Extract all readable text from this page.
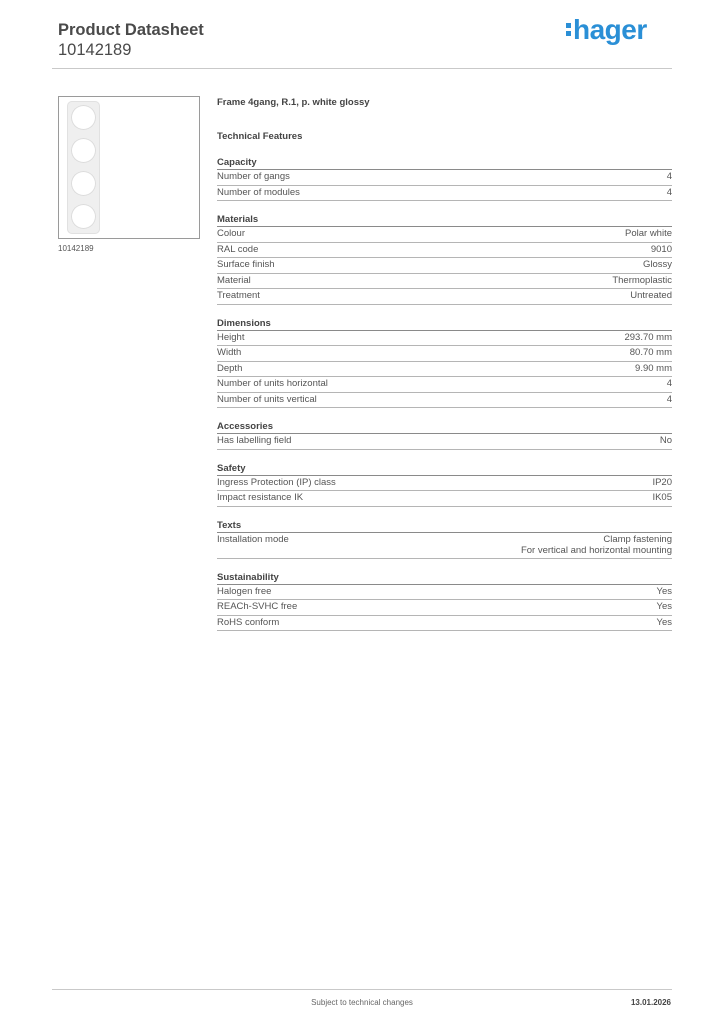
Product Datasheet
10142189
hager
10142189
Frame 4gang, R.1, p. white glossy
Technical Features
Capacity
Number of gangs	4
Number of modules	4
Materials
Colour	Polar white
RAL code	9010
Surface finish	Glossy
Material	Thermoplastic
Treatment	Untreated
Dimensions
Height	293.70 mm
Width	80.70 mm
Depth	9.90 mm
Number of units horizontal	4
Number of units vertical	4
Accessories
Has labelling field	No
Safety
Ingress Protection (IP) class	IP20
Impact resistance IK	IK05
Texts
Installation mode	Clamp fastening
For vertical and horizontal mounting
Sustainability
Halogen free	Yes
REACh-SVHC free	Yes
RoHS conform	Yes
Subject to technical changes	13.01.2026
